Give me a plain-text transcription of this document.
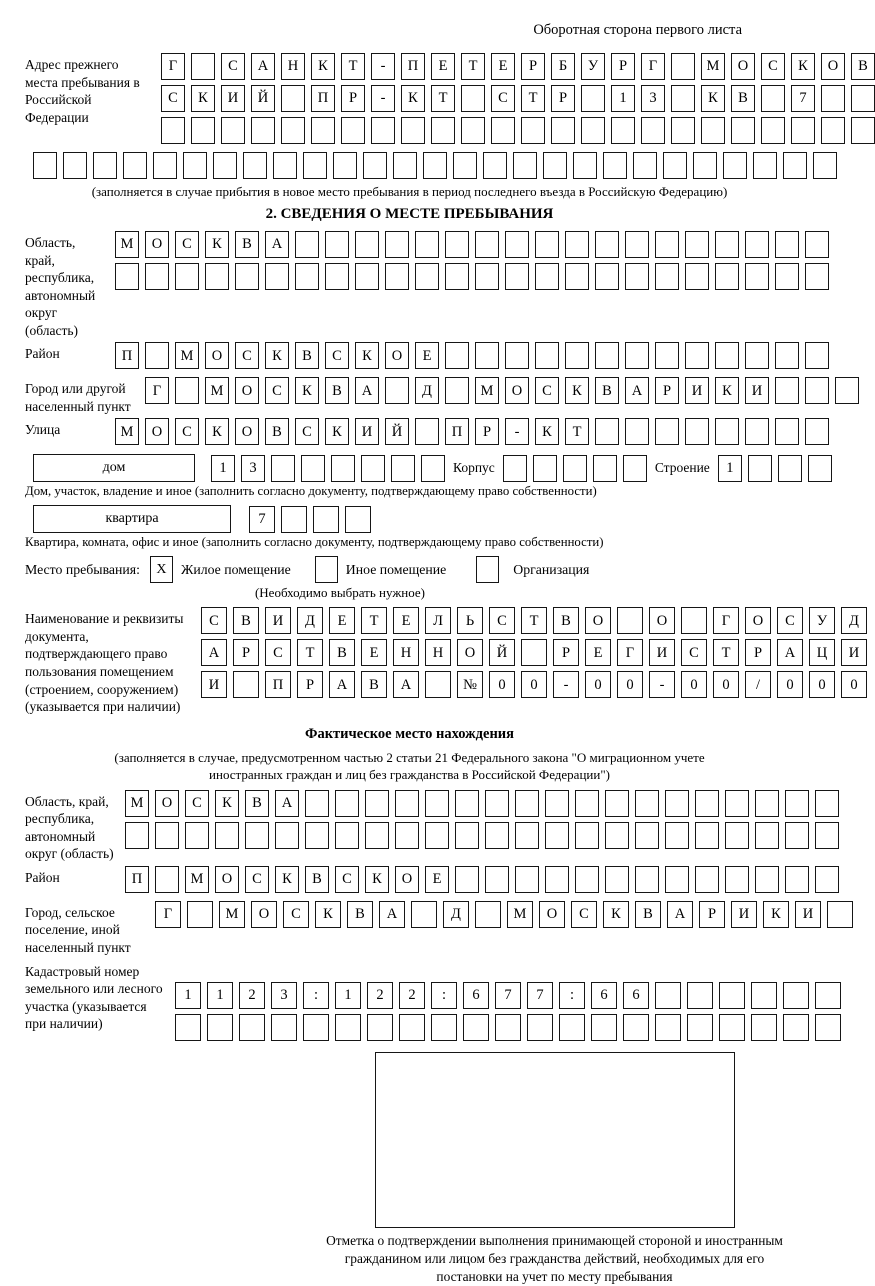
Оборотная сторона первого листа
Адрес прежнего места пребывания в Российской Федерации
Г	С	А	Н	К	Т	-	П	Е	Т	Е	Р	Б	У	Р	Г	М	О	С	К	О	В
С	К	И	Й	П	Р	-	К	Т	С	Т	Р	1	3	К	В	7
(заполняется в случае прибытия в новое место пребывания в период последнего въезда в Российскую Федерацию)
2. СВЕДЕНИЯ О МЕСТЕ ПРЕБЫВАНИЯ
Область, край, республика, автономный округ (область)
М	О	С	К	В	А
Район	П	М	О	С	К	В	С	К	О	Е
Город или другой населенный пункт
Г	М	О	С	К	В	А	Д	М	О	С	К	В	А	Р	И	К	И
Улица	М	О	С	К	О	В	С	К	И	Й	П	Р	-	К	Т
дом	1	3	Корпус	Строение	1
Дом, участок, владение и иное (заполнить согласно документу, подтверждающему право собственности)
квартира	7
Квартира, комната, офис и иное (заполнить согласно документу, подтверждающему право собственности)
Место пребывания:	X	Жилое помещение	Иное помещение	Организация
(Необходимо выбрать нужное)
Наименование и реквизиты документа, подтверждающего право пользования помещением (строением, сооружением) (указывается при наличии)
С	В	И	Д	Е	Т	Е	Л	Ь	С	Т	В	О	О	Г	О	С	У	Д
А	Р	С	Т	В	Е	Н	Н	О	Й	Р	Е	Г	И	С	Т	Р	А	Ц	И
И	П	Р	А	В	А	№	0	0	-	0	0	-	0	0	/	0	0	0
Фактическое место нахождения
(заполняется в случае, предусмотренном частью 2 статьи 21 Федерального закона "О миграционном учете иностранных граждан и лиц без гражданства в Российской Федерации")
Область, край, республика, автономный округ (область)
М	О	С	К	В	А
Район	П	М	О	С	К	В	С	К	О	Е
Город, сельское поселение, иной населенный пункт
Г	М	О	С	К	В	А	Д	М	О	С	К	В	А	Р	И	К	И
Кадастровый номер земельного или лесного участка (указывается при наличии)
1	1	2	3	:	1	2	2	:	6	7	7	:	6	6
Отметка о подтверждении выполнения принимающей стороной и иностранным гражданином или лицом без гражданства действий, необходимых для его постановки на учет по месту пребывания
